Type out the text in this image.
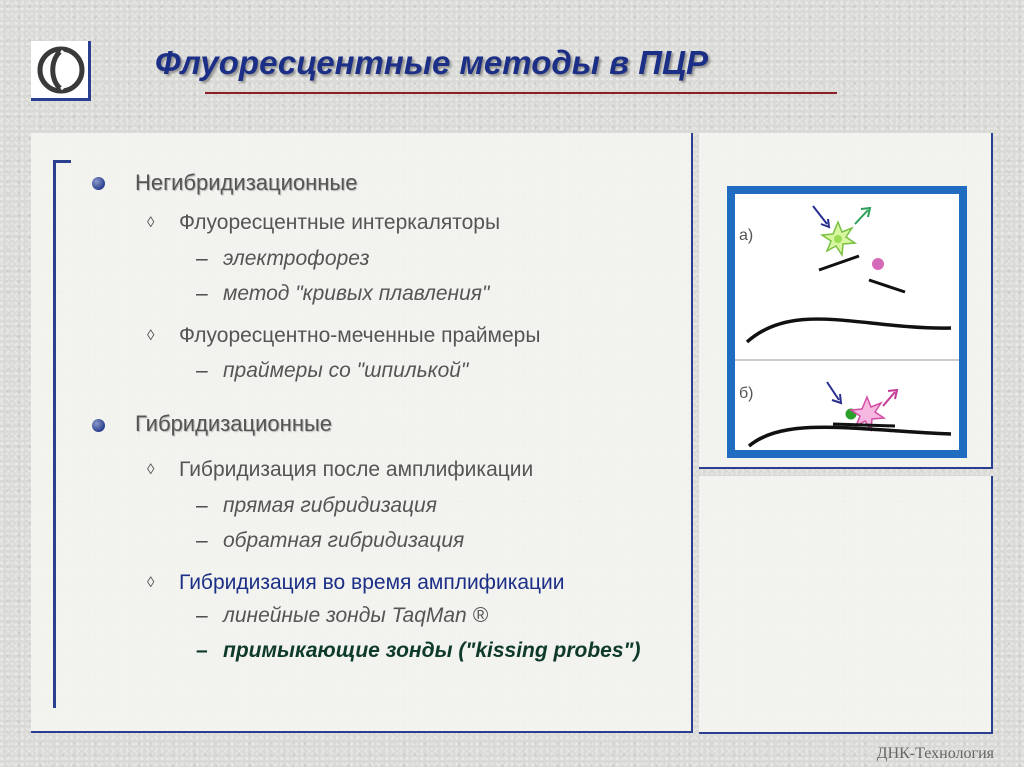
Флуоресцентные методы в ПЦР
Негибридизационные
◊ Флуоресцентные интеркаляторы
– электрофорез
– метод "кривых плавления"
◊ Флуоресцентно-меченные праймеры
– праймеры со "шпилькой"
Гибридизационные
◊ Гибридизация после амплификации
– прямая гибридизация
– обратная гибридизация
◊ Гибридизация во время амплификации
– линейные зонды TaqMan ®
– примыкающие зонды ("kissing probes")
а)
б)

ДНК-Технология
